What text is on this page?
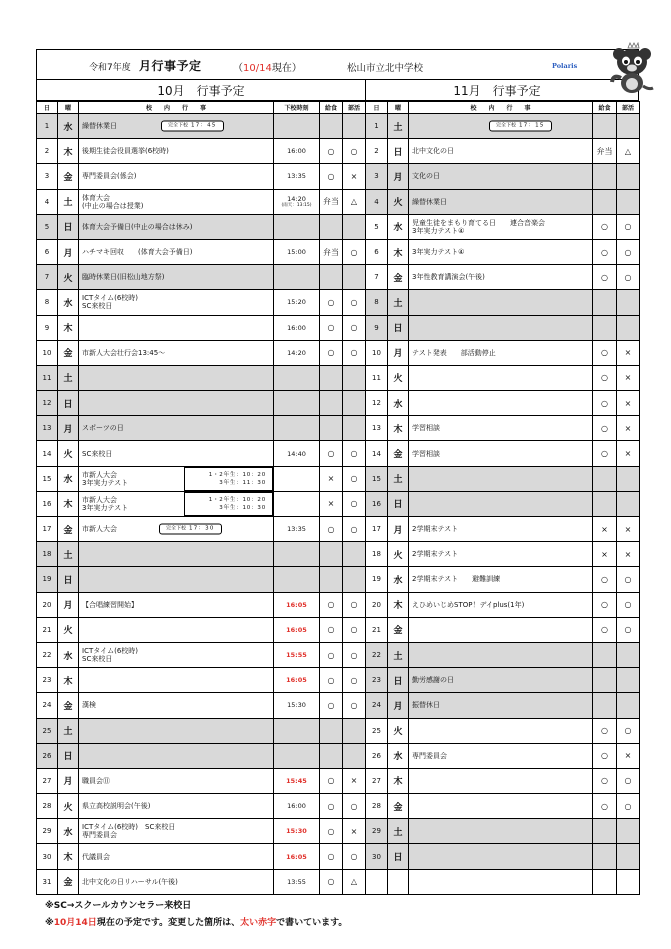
令和7年度 月行事予定	（10/14現在）	松山市立北中学校	Polaris
10月　行事予定	11月　行事予定
日	曜	校　　内　　行　　事	下校時刻	給食	部活
1	水	繰替休業日 完全下校 17：45			

2	木	後期生徒会役員選挙(6校時)	16:00	○	○
3	金	専門委員会(係会)	13:35	○	×
4	土	体育大会
(中止の場合は授業)	14:20
(雨天：13:15)	弁当	△
5	日	体育大会予備日(中止の場合は休み)			
6	月	ハチマキ回収　　(体育大会予備日)	15:00	弁当	○
7	火	臨時休業日(旧松山地方祭)			
8	水	ICTタイム(6校時)
SC来校日	15:20	○	○
9	木		16:00	○	○
10	金	市新人大会壮行会13:45～	14:20	○	○
11	土				
12	日				
13	月	スポーツの日			
14	火	SC来校日	14:40	○	○
15	水	市新人大会
3年実力テスト
1・2年生：10：20
3年生：11：30		×	○
16	木	市新人大会
3年実力テスト
1・2年生：10：20
3年生：10：30		×	○
17	金	市新人大会 完全下校 17：30	13:35	○	○
18	土				
19	日				
20	月	【合唱練習開始】	16:05	○	○
21	火		16:05	○	○
22	水	ICTタイム(6校時)
SC来校日	15:55	○	○
23	木		16:05	○	○
24	金	漢検	15:30	○	○
25	土				
26	日				
27	月	職員会⑪	15:45	○	×
28	火	県立高校説明会(午後)	16:00	○	○
29	水	ICTタイム(6校時)　SC来校日
専門委員会	15:30	○	×
30	木	代議員会	16:05	○	○
31	金	北中文化の日リハーサル(午後)	13:55	○	△
日	曜	校　　内　　行　　事	給食	部活
1	土	完全下校 17：15		

2	日	北中文化の日	弁当	△
3	月	文化の日		
4	火	繰替休業日		
5	水	児童生徒をまもり育てる日　　連合音楽会
3年実力テスト④	○	○
6	木	3年実力テスト④	○	○
7	金	3年性教育講演会(午後)	○	○
8	土			
9	日			
10	月	テスト発表　　部活動停止	○	×
11	火		○	×
12	水		○	×
13	木	学習相談	○	×
14	金	学習相談	○	×
15	土			
16	日			
17	月	2学期末テスト	×	×
18	火	2学期末テスト	×	×
19	水	2学期末テスト　　避難訓練	○	○
20	木	えひめいじめSTOP！デイplus(1年)	○	○
21	金		○	○
22	土			
23	日	勤労感謝の日		
24	月	振替休日		
25	火		○	○
26	水	専門委員会	○	×
27	木		○	○
28	金		○	○
29	土			
30	日			

※SC→スクールカウンセラー来校日
※10月14日現在の予定です。変更した箇所は、太い赤字で書いています。
